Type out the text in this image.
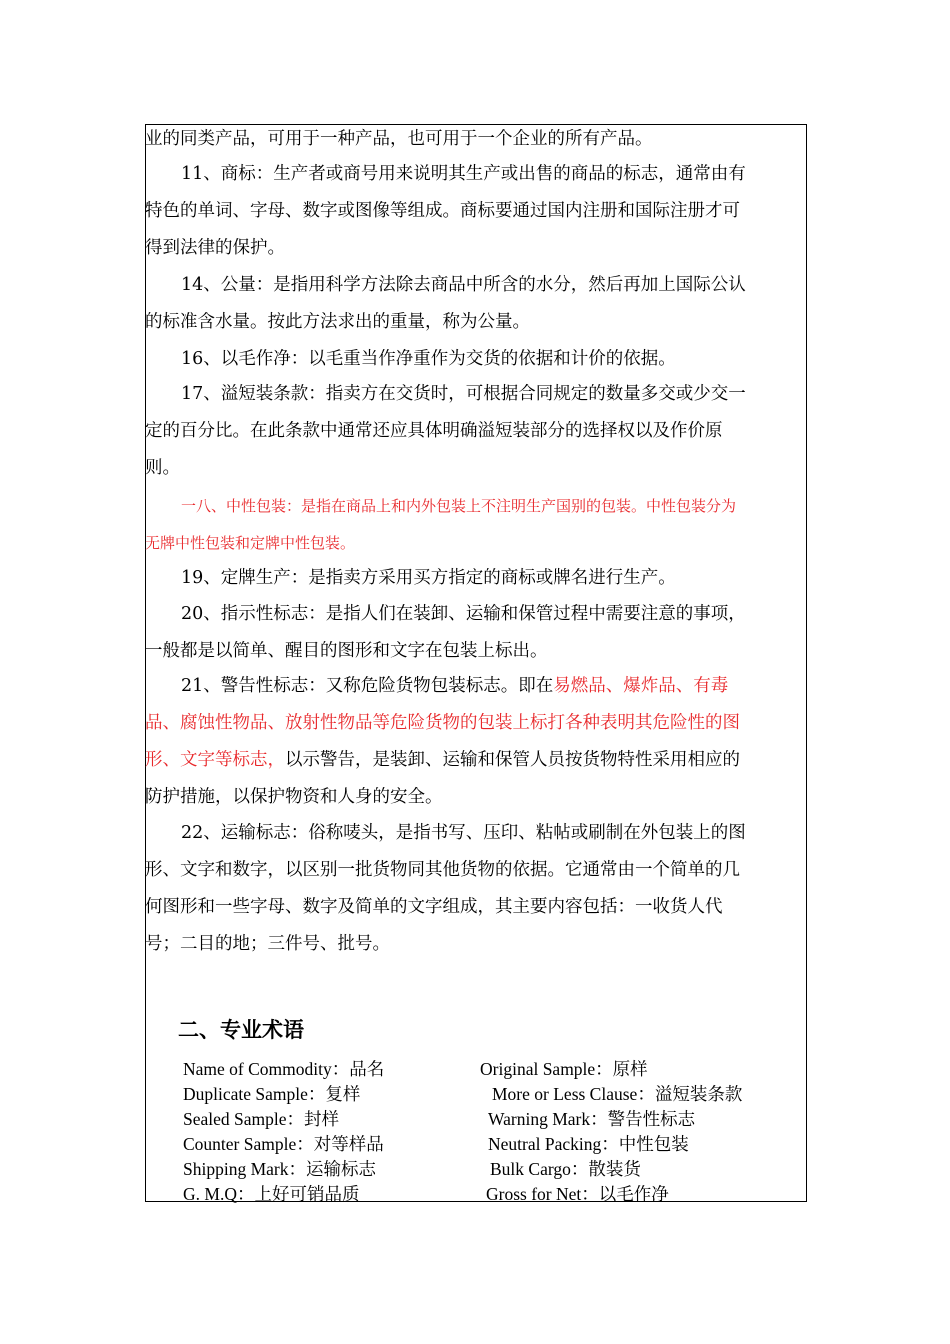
业的同类产品，可用于一种产品，也可用于一个企业的所有产品。
11、商标：生产者或商号用来说明其生产或出售的商品的标志，通常由有
特色的单词、字母、数字或图像等组成。商标要通过国内注册和国际注册才可
得到法律的保护。
14、公量：是指用科学方法除去商品中所含的水分，然后再加上国际公认
的标准含水量。按此方法求出的重量，称为公量。
16、以毛作净：以毛重当作净重作为交货的依据和计价的依据。
17、溢短装条款：指卖方在交货时，可根据合同规定的数量多交或少交一
定的百分比。在此条款中通常还应具体明确溢短装部分的选择权以及作价原
则。
一八、中性包装：是指在商品上和内外包装上不注明生产国别的包装。中性包装分为
无牌中性包装和定牌中性包装。
19、定牌生产：是指卖方采用买方指定的商标或牌名进行生产。
20、指示性标志：是指人们在装卸、运输和保管过程中需要注意的事项，
一般都是以简单、醒目的图形和文字在包装上标出。
21、警告性标志：又称危险货物包装标志。即在易燃品、爆炸品、有毒
品、腐蚀性物品、放射性物品等危险货物的包装上标打各种表明其危险性的图
形、文字等标志，以示警告，是装卸、运输和保管人员按货物特性采用相应的
防护措施，以保护物资和人身的安全。
22、运输标志：俗称唛头，是指书写、压印、粘帖或刷制在外包装上的图
形、文字和数字，以区别一批货物同其他货物的依据。它通常由一个简单的几
何图形和一些字母、数字及简单的文字组成，其主要内容包括：一收货人代
号；二目的地；三件号、批号。
二、专业术语
Name of Commodity：品名
Duplicate Sample：复样
Sealed Sample：封样
Counter Sample：对等样品
Shipping Mark：运输标志
G. M.Q：上好可销品质
Original Sample：原样
More or Less Clause：溢短装条款
Warning Mark：警告性标志
Neutral Packing：中性包装
Bulk Cargo：散装货
Gross for Net：以毛作净
